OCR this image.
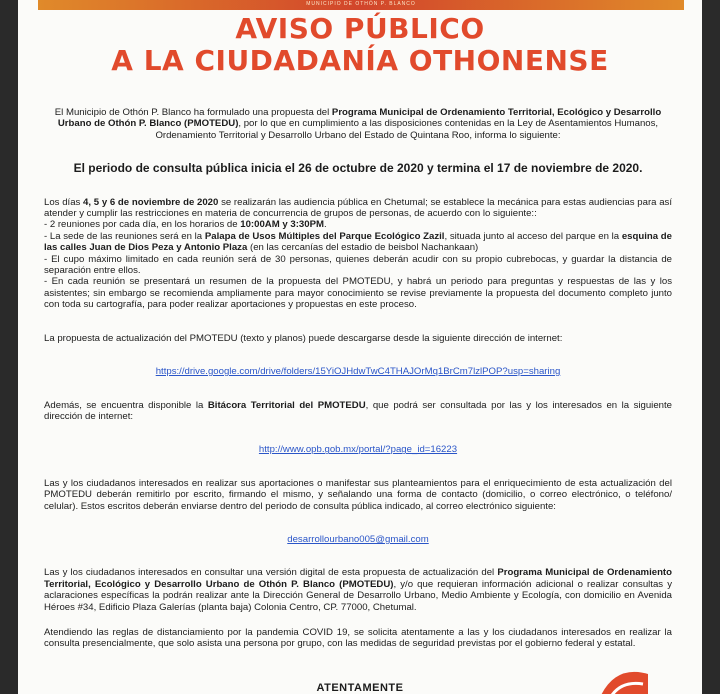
MUNICIPIO DE OTHÓN P. BLANCO
AVISO PÚBLICO
A LA CIUDADANÍA OTHONENSE

El Municipio de Othón P. Blanco ha formulado una propuesta del Programa Municipal de Ordenamiento Territorial, Ecológico y Desarrollo Urbano de Othón P. Blanco (PMOTEDU), por lo que en cumplimiento a las disposiciones contenidas en la Ley de Asentamientos Humanos, Ordenamiento Territorial y Desarrollo Urbano del Estado de Quintana Roo, informa lo siguiente:

El periodo de consulta pública inicia el 26 de octubre de 2020 y termina el 17 de noviembre de 2020.

Los días 4, 5 y 6 de noviembre de 2020 se realizarán las audiencia pública en Chetumal; se establece la mecánica para estas audiencias para así atender y cumplir las restricciones en materia de concurrencia de grupos de personas, de acuerdo con lo siguiente::

- 2 reuniones por cada día, en los horarios de 10:00AM y 3:30PM.

- La sede de las reuniones será en la Palapa de Usos Múltiples del Parque Ecológico Zazil, situada junto al acceso del parque en la esquina de las calles Juan de Dios Peza y Antonio Plaza (en las cercanías del estadio de beisbol Nachankaan)

- El cupo máximo limitado en cada reunión será de 30 personas, quienes deberán acudir con su propio cubrebocas, y guardar la distancia de separación entre ellos.

- En cada reunión se presentará un resumen de la propuesta del PMOTEDU, y habrá un periodo para preguntas y respuestas de las y los asistentes; sin embargo se recomienda ampliamente para mayor conocimiento se revise previamente la propuesta del documento completo junto con toda su cartografía, para poder realizar aportaciones y propuestas en este proceso.

La propuesta de actualización del PMOTEDU (texto y planos) puede descargarse desde la siguiente dirección de internet:

https://drive.google.com/drive/folders/15YiOJHdwTwC4THAJOrMq1BrCm7lzlPOP?usp=sharing

Además, se encuentra disponible la Bitácora Territorial del PMOTEDU, que podrá ser consultada por las y los interesados en la siguiente dirección de internet:

http://www.opb.gob.mx/portal/?page_id=16223

Las y los ciudadanos interesados en realizar sus aportaciones o manifestar sus planteamientos para el enriquecimiento de esta actualización del PMOTEDU deberán remitirlo por escrito, firmando el mismo, y señalando una forma de contacto (domicilio, o correo electrónico, o teléfono/ celular). Estos escritos deberán enviarse dentro del periodo de consulta pública indicado, al correo electrónico siguiente:

desarrollourbano005@gmail.com

Las y los ciudadanos interesados en consultar una versión digital de esta propuesta de actualización del Programa Municipal de Ordenamiento Territorial, Ecológico y Desarrollo Urbano de Othón P. Blanco (PMOTEDU), y/o que requieran información adicional o realizar consultas y aclaraciones específicas la podrán realizar ante la Dirección General de Desarrollo Urbano, Medio Ambiente y Ecología, con domicilio en Avenida Héroes #34, Edificio Plaza Galerías (planta baja) Colonia Centro, CP. 77000, Chetumal.

Atendiendo las reglas de distanciamiento por la pandemia COVID 19, se solicita atentamente a las y los ciudadanos interesados en realizar la consulta presencialmente, que solo asista una persona por grupo, con las medidas de seguridad previstas por el gobierno federal y estatal.

ATENTAMENTE
